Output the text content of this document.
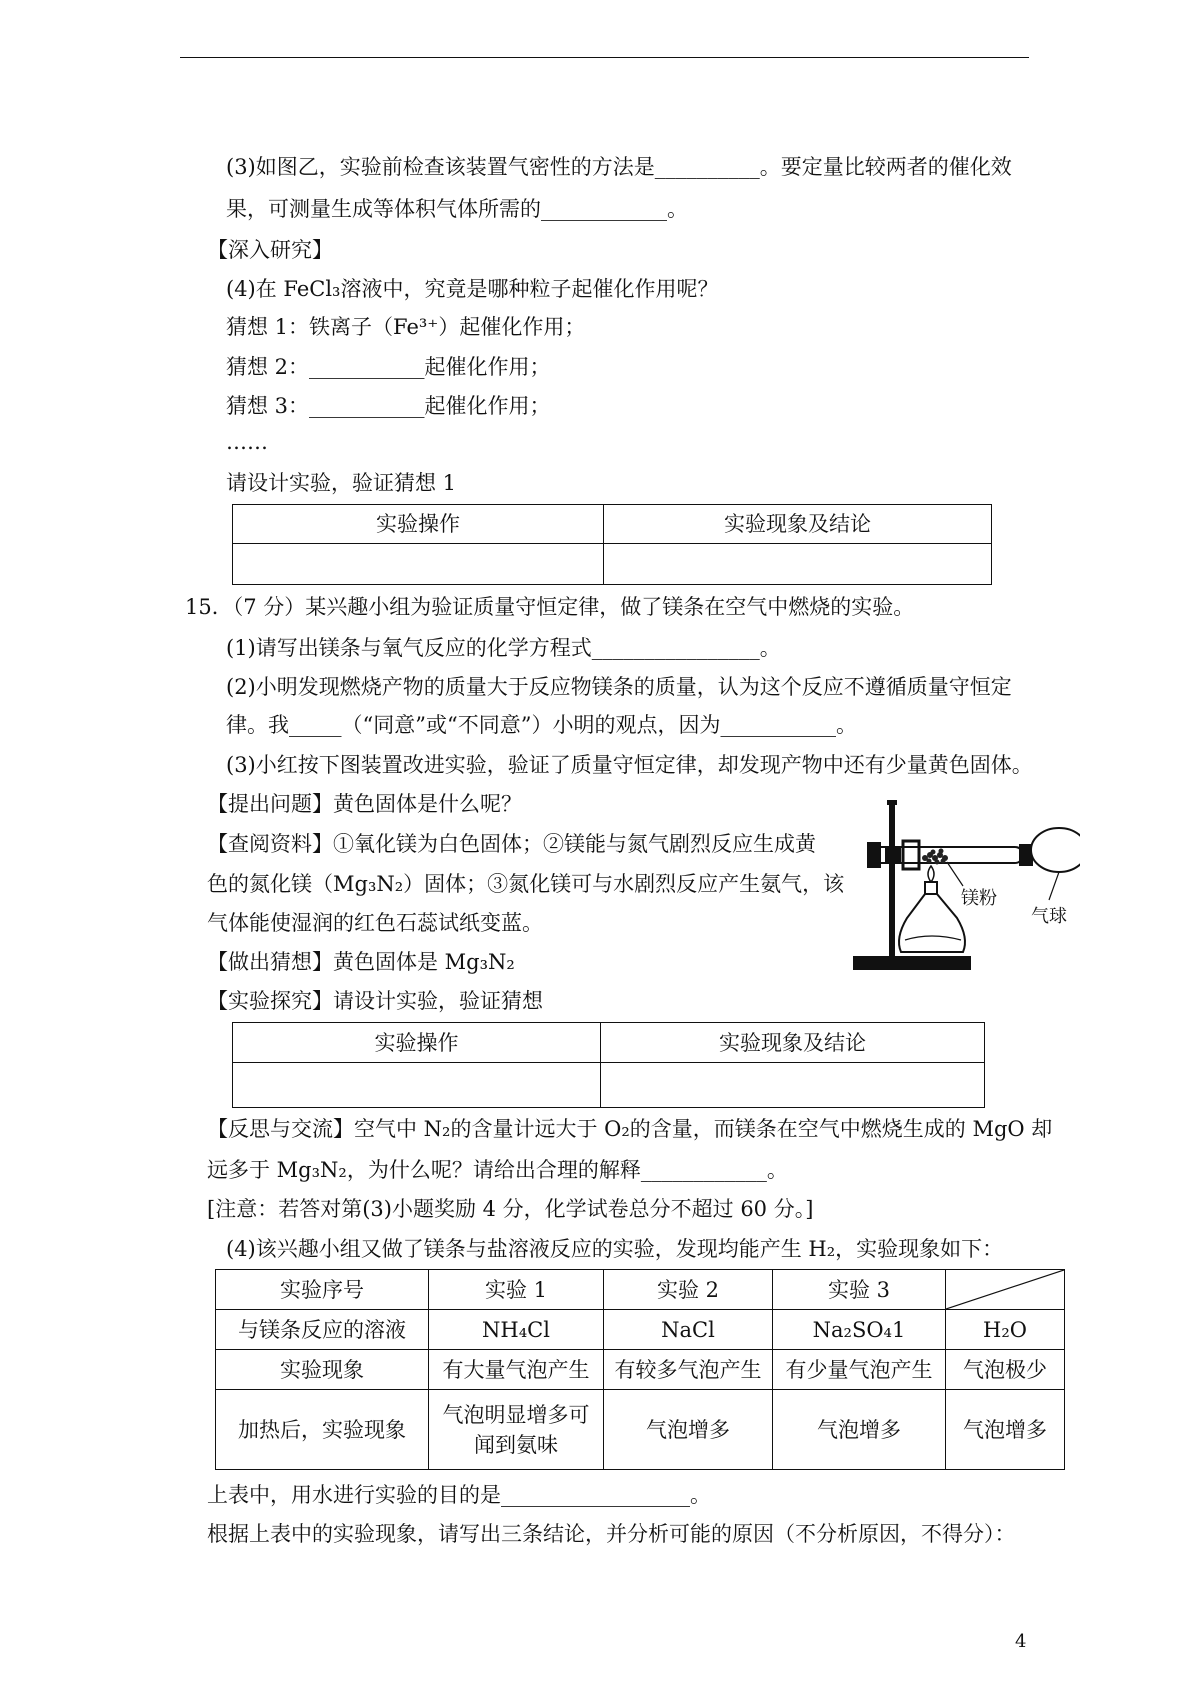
(3)如图乙，实验前检查该装置气密性的方法是__________。要定量比较两者的催化效
果，可测量生成等体积气体所需的____________。
【深入研究】
(4)在 FeCl₃溶液中，究竟是哪种粒子起催化作用呢？
猜想 1：铁离子（Fe³⁺）起催化作用；
猜想 2：___________起催化作用；
猜想 3：___________起催化作用；
……
请设计实验，验证猜想 1
实验操作	实验现象及结论

15．（7 分）某兴趣小组为验证质量守恒定律，做了镁条在空气中燃烧的实验。
(1)请写出镁条与氧气反应的化学方程式________________。
(2)小明发现燃烧产物的质量大于反应物镁条的质量，认为这个反应不遵循质量守恒定
律。我_____（“同意”或“不同意”）小明的观点，因为___________。
(3)小红按下图装置改进实验，验证了质量守恒定律，却发现产物中还有少量黄色固体。
【提出问题】黄色固体是什么呢？
【查阅资料】①氧化镁为白色固体；②镁能与氮气剧烈反应生成黄
色的氮化镁（Mg₃N₂）固体；③氮化镁可与水剧烈反应产生氨气，该
气体能使湿润的红色石蕊试纸变蓝。
【做出猜想】黄色固体是 Mg₃N₂
【实验探究】请设计实验，验证猜想
镁粉
气球
实验操作	实验现象及结论

【反思与交流】空气中 N₂的含量计远大于 O₂的含量，而镁条在空气中燃烧生成的 MgO 却
远多于 Mg₃N₂，为什么呢？请给出合理的解释____________。
[注意：若答对第(3)小题奖励 4 分，化学试卷总分不超过 60 分。]
(4)该兴趣小组又做了镁条与盐溶液反应的实验，发现均能产生 H₂，实验现象如下：
实验序号	实验 1	实验 2	实验 3	

与镁条反应的溶液	NH₄Cl	NaCl	Na₂SO₄1	H₂O
实验现象	有大量气泡产生	有较多气泡产生	有少量气泡产生	气泡极少
加热后，实验现象	气泡明显增多可闻到氨味	气泡增多	气泡增多	气泡增多
上表中，用水进行实验的目的是__________________。
根据上表中的实验现象，请写出三条结论，并分析可能的原因（不分析原因，不得分）：
4
